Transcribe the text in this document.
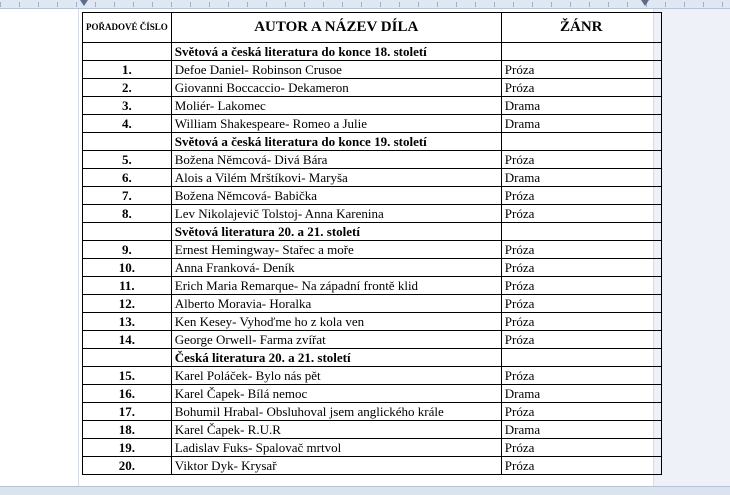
POŘADOVÉ ČÍSLO	AUTOR A NÁZEV DÍLA	ŽÁNR
	Světová a česká literatura do konce 18. století	
1.	Defoe Daniel- Robinson Crusoe	Próza
2.	Giovanni Boccaccio- Dekameron	Próza
3.	Moliér- Lakomec	Drama
4.	William Shakespeare- Romeo a Julie	Drama
	Světová a česká literatura do konce 19. století	
5.	Božena Němcová- Divá Bára	Próza
6.	Alois a Vilém Mrštíkovi- Maryša	Drama
7.	Božena Němcová- Babička	Próza
8.	Lev Nikolajevič Tolstoj- Anna Karenina	Próza
	Světová literatura 20. a 21. století	
9.	Ernest Hemingway- Stařec a moře	Próza
10.	Anna Franková- Deník	Próza
11.	Erich Maria Remarque- Na západní frontě klid	Próza
12.	Alberto Moravia- Horalka	Próza
13.	Ken Kesey- Vyhoďme ho z kola ven	Próza
14.	George Orwell- Farma zvířat	Próza
	Česká literatura 20. a 21. století	
15.	Karel Poláček- Bylo nás pět	Próza
16.	Karel Čapek- Bílá nemoc	Drama
17.	Bohumil Hrabal- Obsluhoval jsem anglického krále	Próza
18.	Karel Čapek- R.U.R	Drama
19.	Ladislav Fuks- Spalovač mrtvol	Próza
20.	Viktor Dyk- Krysař	Próza
